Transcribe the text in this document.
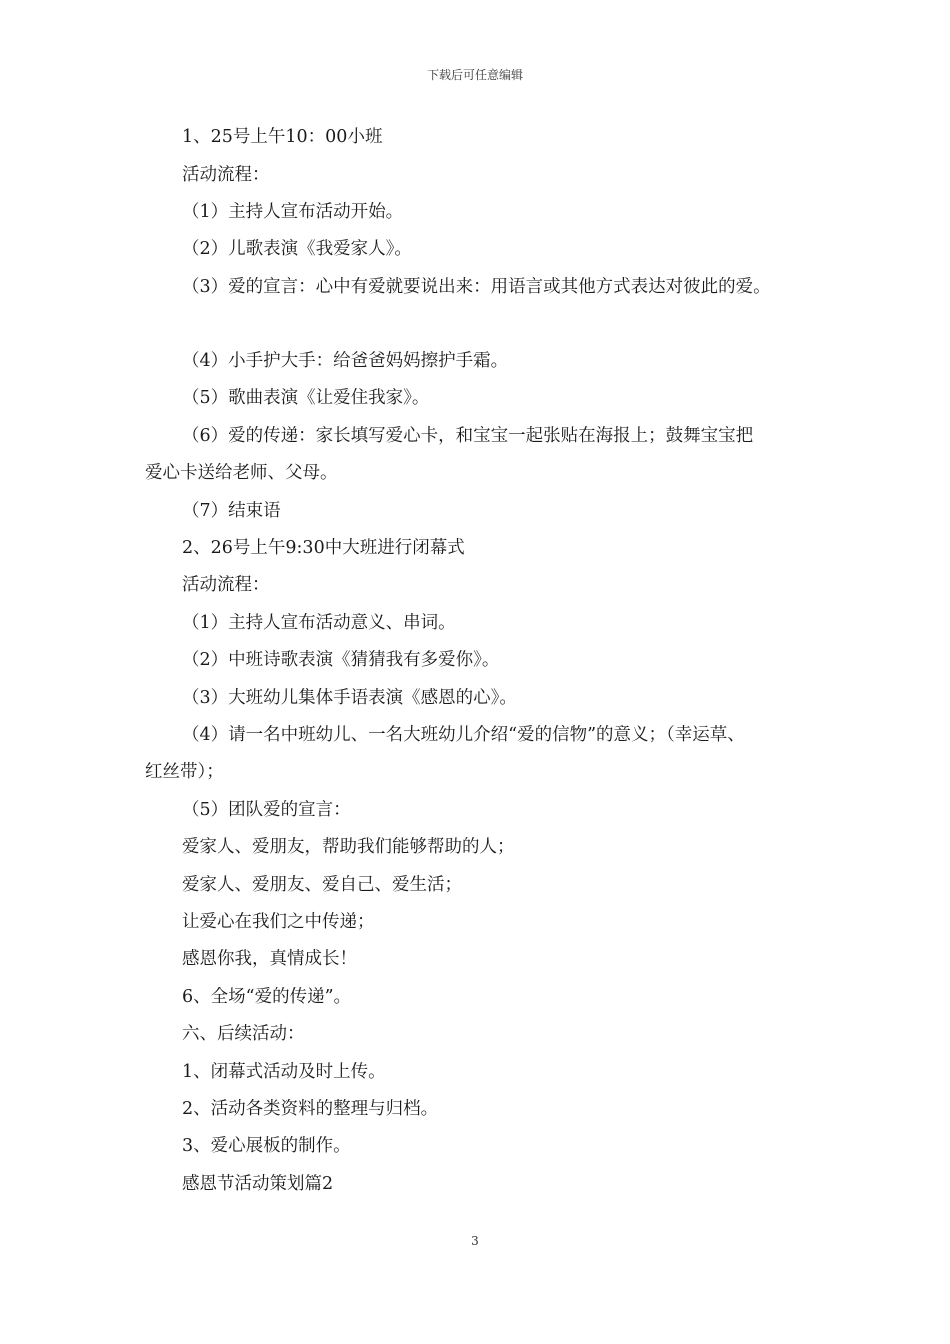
下载后可任意编辑
1、25号上午10：00小班
活动流程：
（1）主持人宣布活动开始。
（2）儿歌表演《我爱家人》。
（3）爱的宣言：心中有爱就要说出来：用语言或其他方式表达对彼此的爱。
（4）小手护大手：给爸爸妈妈擦护手霜。
（5）歌曲表演《让爱住我家》。
（6）爱的传递：家长填写爱心卡，和宝宝一起张贴在海报上；鼓舞宝宝把
爱心卡送给老师、父母。
（7）结束语
2、26号上午9:30中大班进行闭幕式
活动流程：
（1）主持人宣布活动意义、串词。
（2）中班诗歌表演《猜猜我有多爱你》。
（3）大班幼儿集体手语表演《感恩的心》。
（4）请一名中班幼儿、一名大班幼儿介绍“爱的信物”的意义；（幸运草、
红丝带）；
（5）团队爱的宣言：
爱家人、爱朋友，帮助我们能够帮助的人；
爱家人、爱朋友、爱自己、爱生活；
让爱心在我们之中传递；
感恩你我，真情成长！
6、全场“爱的传递”。
六、后续活动：
1、闭幕式活动及时上传。
2、活动各类资料的整理与归档。
3、爱心展板的制作。
感恩节活动策划篇2
3
